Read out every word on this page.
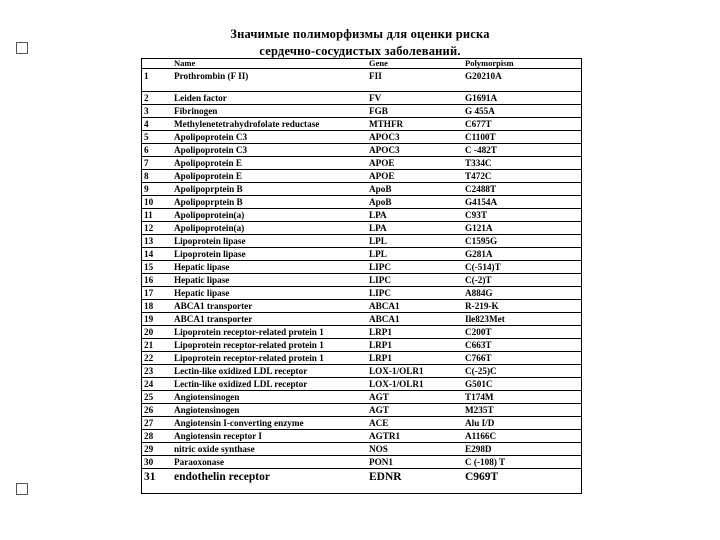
Значимые полиморфизмы для оценки риска
сердечно-сосудистых заболеваний.
	Name	Gene	Polymorpism
1	Prothrombin (F II)	FII	G20210A
2	Leiden factor	FV	G1691A
3	Fibrinogen	FGB	G 455A
4	Methylenetetrahydrofolate reductase	MTHFR	C677T
5	Apolipoprotein C3	APOC3	C1100T
6	Apolipoprotein C3	APOC3	C -482T
7	Apolipoprotein E	APOE	T334C
8	Apolipoprotein E	APOE	T472C
9	Apolipoprptein B	ApoB	C2488T
10	Apolipoprptein B	ApoB	G4154A
11	Apolipoprotein(a)	LPA	C93T
12	Apolipoprotein(a)	LPA	G121A
13	Lipoprotein lipase	LPL	C1595G
14	Lipoprotein lipase	LPL	G281A
15	Hepatic lipase	LIPC	C(-514)T
16	Hepatic lipase	LIPC	C(-2)T
17	Hepatic lipase	LIPC	A884G
18	ABCA1 transporter	ABCA1	R-219-K
19	ABCA1 transporter	ABCA1	Ile823Met
20	Lipoprotein receptor-related protein 1	LRP1	C200T
21	Lipoprotein receptor-related protein 1	LRP1	C663T
22	Lipoprotein receptor-related protein 1	LRP1	C766T
23	Lectin-like oxidized LDL receptor	LOX-1/OLR1	C(-25)C
24	Lectin-like oxidized LDL receptor	LOX-1/OLR1	G501C
25	Angiotensinogen	AGT	T174M
26	Angiotensinogen	AGT	M235T
27	Angiotensin I-converting enzyme	ACE	Alu I/D
28	Angiotensin receptor I	AGTR1	A1166C
29	nitric oxide synthase	NOS	E298D
30	Paraoxonase	PON1	C (-108) T
31	endothelin receptor	EDNR	C969T
